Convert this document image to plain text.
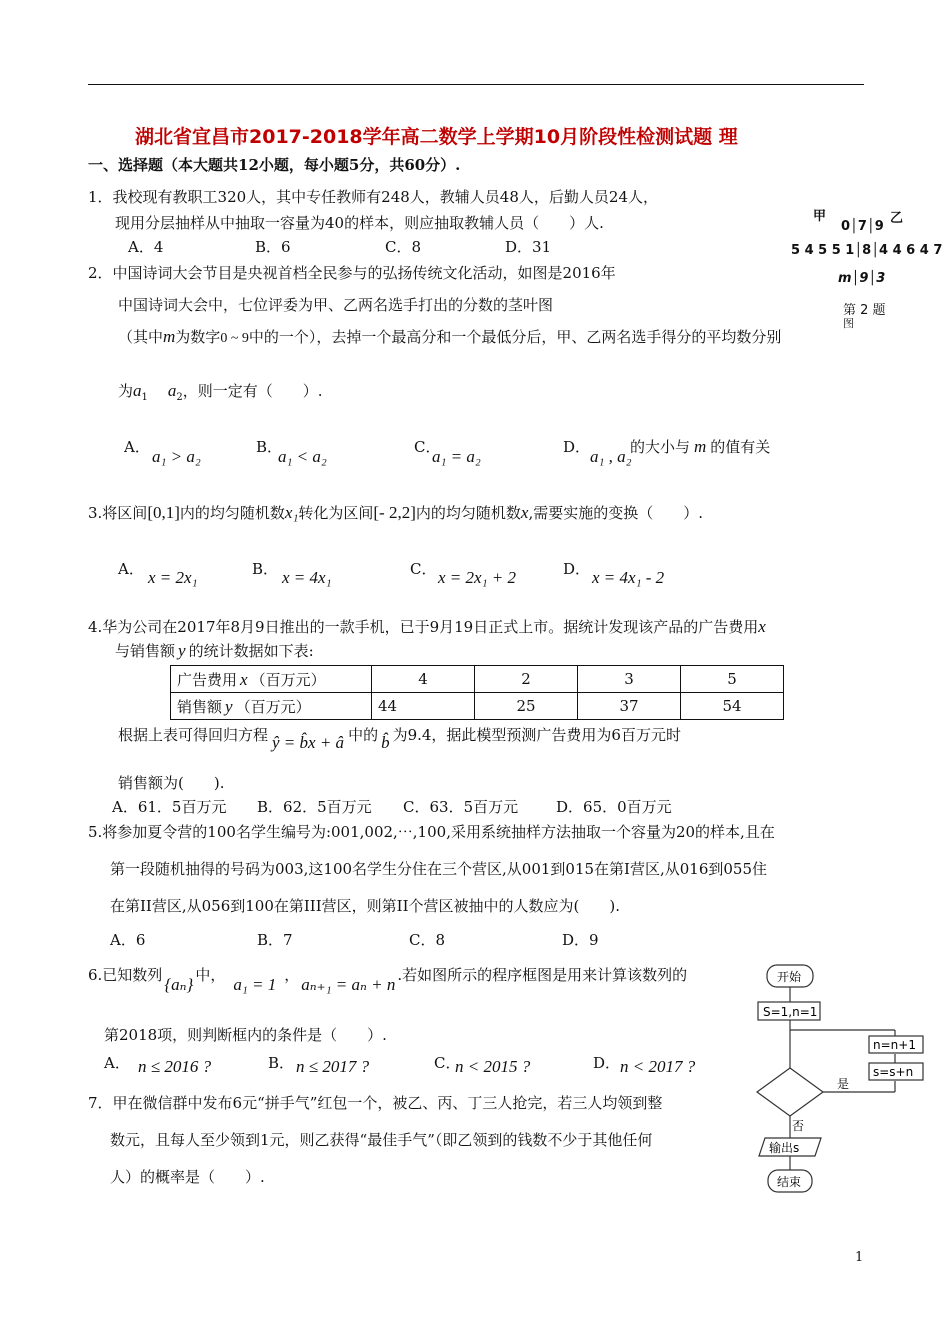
湖北省宜昌市2017-2018学年高二数学上学期10月阶段性检测试题 理
一、选择题（本大题共12小题，每小题5分，共60分）.
1．我校现有教职工320人，其中专任教师有248人，教辅人员48人，后勤人员24人，
现用分层抽样从中抽取一容量为40的样本，则应抽取教辅人员（　　）人.
A．4	B．6	C．8	D．31
甲	乙
0│7│9
5 4 5 5 1│8│4 4 6 4 7
m│9│3
第 2 题
图
2．中国诗词大会节目是央视首档全民参与的弘扬传统文化活动，如图是2016年
中国诗词大会中，七位评委为甲、乙两名选手打出的分数的茎叶图
（其中m为数字0 ~ 9中的一个），去掉一个最高分和一个最低分后，甲、乙两名选手得分的平均数分别
为$a_1$ $a_2$，则一定有（　　）.
A． a₁ > a₂	B．
a₁ < a₂	C．
a₁ = a₂	D． a₁ , a₂
的大小与 m 的值有关
3.将区间[0,1]内的均匀随机数x₁转化为区间[- 2,2]内的均匀随机数x,需要实施的变换（　　）.
A． x = 2x₁	B． x = 4x₁	C． x = 2x₁ + 2	D． x = 4x₁ - 2
4.华为公司在2017年8月9日推出的一款手机，已于9月19日正式上市。据统计发现该产品的广告费用x
与销售额 y 的统计数据如下表:
广告费用 x （百万元）	4	2	3	5
销售额 y （百万元）	44	25	37	54
根据上表可得回归方程 ŷ = b̂x + â 中的 b̂ 为9.4，据此模型预测广告费用为6百万元时
销售额为(　　).
A．61．5百万元 B．62．5百万元 C．63．5百万元	D．65．0百万元
5.将参加夏令营的100名学生编号为:001,002,⋯,100,采用系统抽样方法抽取一个容量为20的样本,且在
第一段随机抽得的号码为003,这100名学生分住在三个营区,从001到015在第I营区,从016到055住
在第II营区,从056到100在第III营区，则第II个营区被抽中的人数应为(　　).
A．6	B．7	C．8	D．9
6.已知数列 {aₙ} 中， a₁ = 1 ， aₙ₊₁ = aₙ + n .若如图所示的程序框图是用来计算该数列的
第2018项，则判断框内的条件是（　　）.
A． n ≤ 2016 ?	B． n ≤ 2017 ?	C．
n < 2015 ?	D． n < 2017 ?
开始
S=1,n=1
n=n+1
s=s+n
是
否
输出s
结束
7．甲在微信群中发布6元“拼手气”红包一个，被乙、丙、丁三人抢完，若三人均领到整
数元，且每人至少领到1元，则乙获得“最佳手气”（即乙领到的钱数不少于其他任何
人）的概率是（　　）.
1
